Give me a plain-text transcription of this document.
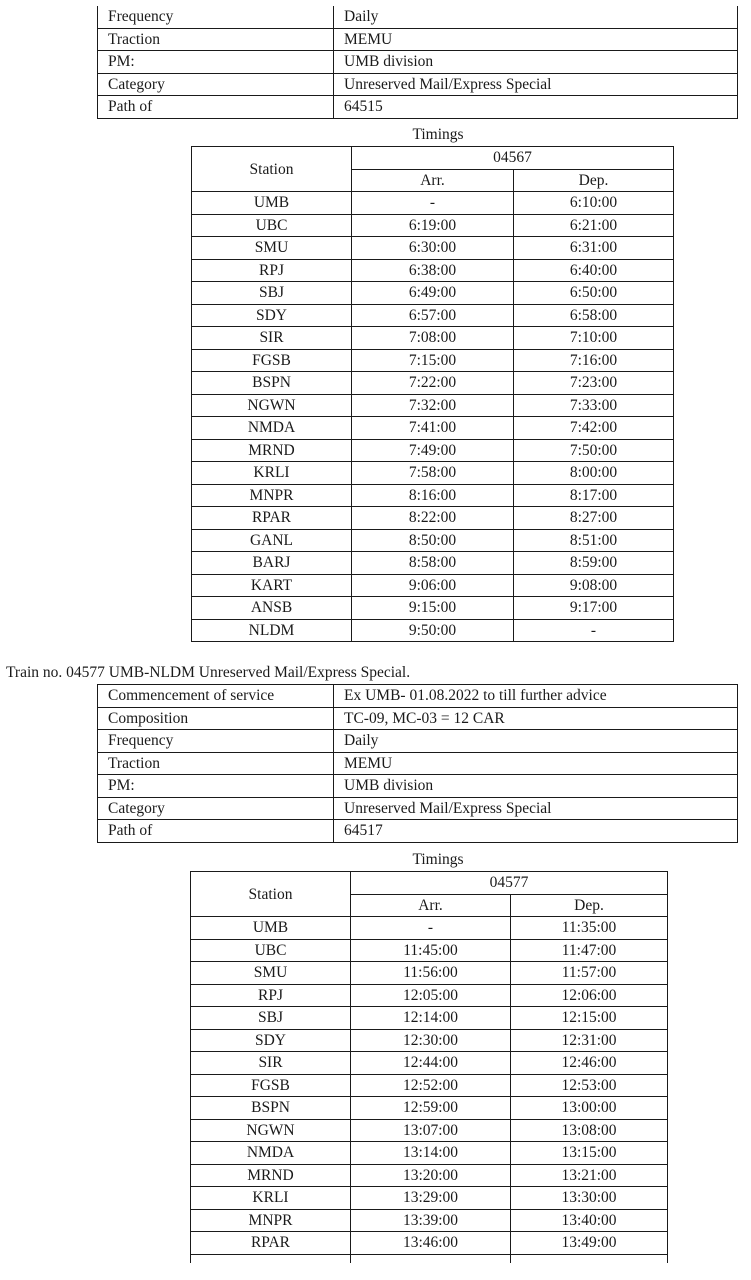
Frequency	Daily
Traction	MEMU
PM:	UMB division
Category	Unreserved Mail/Express Special
Path of	64515
Timings
Station	04567	
	Arr.	Dep.
UMB	-	6:10:00
UBC	6:19:00	6:21:00
SMU	6:30:00	6:31:00
RPJ	6:38:00	6:40:00
SBJ	6:49:00	6:50:00
SDY	6:57:00	6:58:00
SIR	7:08:00	7:10:00
FGSB	7:15:00	7:16:00
BSPN	7:22:00	7:23:00
NGWN	7:32:00	7:33:00
NMDA	7:41:00	7:42:00
MRND	7:49:00	7:50:00
KRLI	7:58:00	8:00:00
MNPR	8:16:00	8:17:00
RPAR	8:22:00	8:27:00
GANL	8:50:00	8:51:00
BARJ	8:58:00	8:59:00
KART	9:06:00	9:08:00
ANSB	9:15:00	9:17:00
NLDM	9:50:00	-
Train no. 04577 UMB-NLDM Unreserved Mail/Express Special.
Commencement of service	Ex UMB- 01.08.2022 to till further advice
Composition	TC-09, MC-03 = 12 CAR
Frequency	Daily
Traction	MEMU
PM:	UMB division
Category	Unreserved Mail/Express Special
Path of	64517
Timings
Station	04577	
	Arr.	Dep.
UMB	-	11:35:00
UBC	11:45:00	11:47:00
SMU	11:56:00	11:57:00
RPJ	12:05:00	12:06:00
SBJ	12:14:00	12:15:00
SDY	12:30:00	12:31:00
SIR	12:44:00	12:46:00
FGSB	12:52:00	12:53:00
BSPN	12:59:00	13:00:00
NGWN	13:07:00	13:08:00
NMDA	13:14:00	13:15:00
MRND	13:20:00	13:21:00
KRLI	13:29:00	13:30:00
MNPR	13:39:00	13:40:00
RPAR	13:46:00	13:49:00
